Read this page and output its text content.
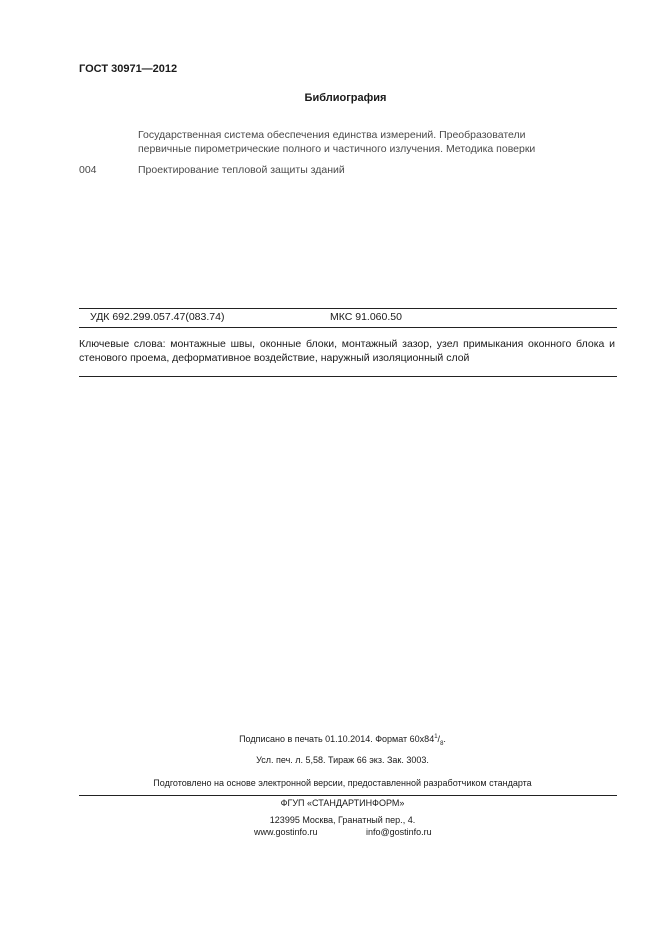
ГОСТ 30971—2012
Библиография
Государственная система обеспечения единства измерений. Преобразователи
первичные пирометрические полного и частичного излучения. Методика поверки
004	Проектирование тепловой защиты зданий
УДК 692.299.057.47(083.74)	МКС 91.060.50
Ключевые слова: монтажные швы, оконные блоки, монтажный зазор, узел примыкания оконного блока и стенового проема, деформативное воздействие, наружный изоляционный слой
Подписано в печать 01.10.2014. Формат $60х84^1/_8$.
Усл. печ. л. 5,58. Тираж 66 экз. Зак. 3003.
Подготовлено на основе электронной версии, предоставленной разработчиком стандарта
ФГУП «СТАНДАРТИНФОРМ»
123995 Москва, Гранатный пер., 4.
www.gostinfo.ru	info@gostinfo.ru
